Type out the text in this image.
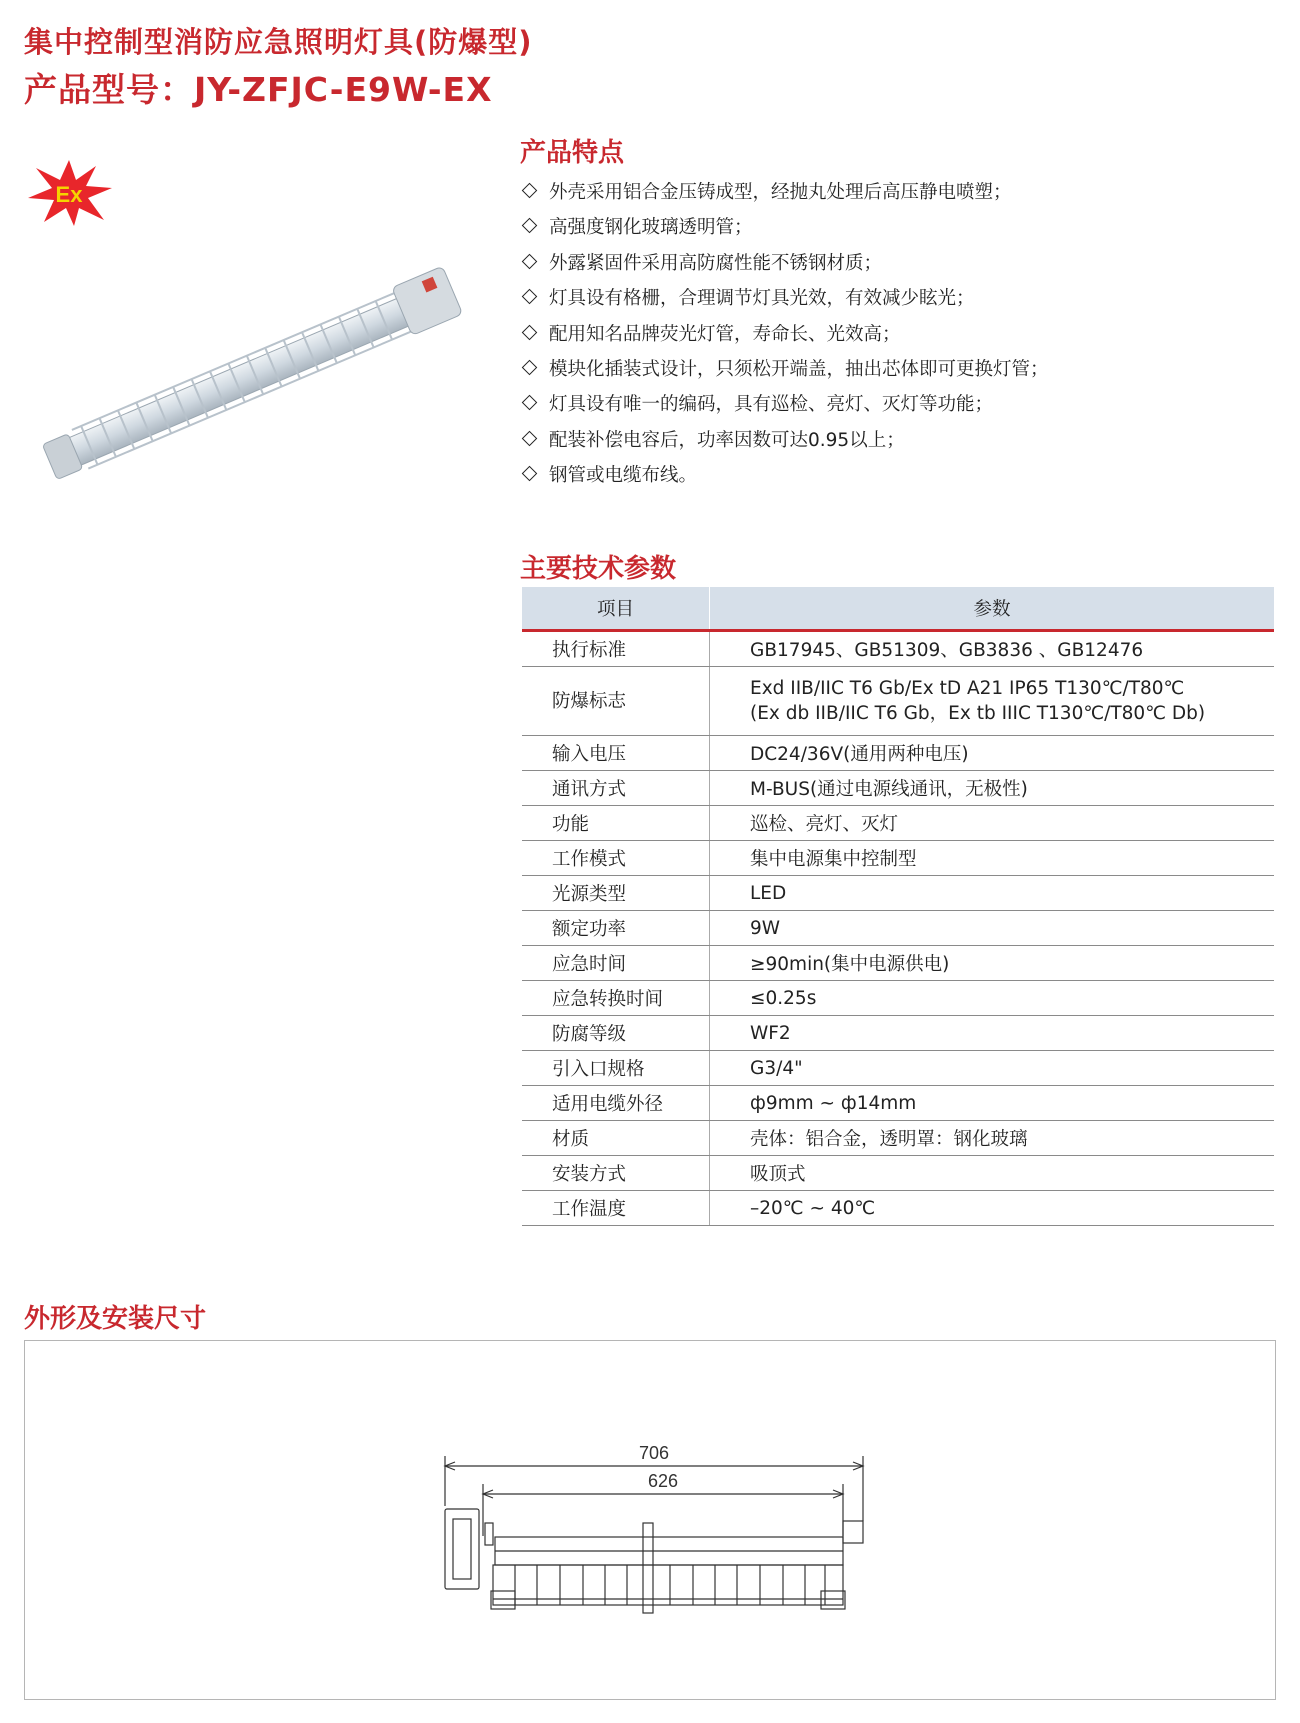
集中控制型消防应急照明灯具(防爆型)
产品型号：JY-ZFJC-E9W-EX
Ex
产品特点
外壳采用铝合金压铸成型，经抛丸处理后高压静电喷塑；
高强度钢化玻璃透明管；
外露紧固件采用高防腐性能不锈钢材质；
灯具设有格栅，合理调节灯具光效，有效减少眩光；
配用知名品牌荧光灯管，寿命长、光效高；
模块化插装式设计，只须松开端盖，抽出芯体即可更换灯管；
灯具设有唯一的编码，具有巡检、亮灯、灭灯等功能；
配装补偿电容后，功率因数可达0.95以上；
钢管或电缆布线。
主要技术参数
项目	参数
执行标准	GB17945、GB51309、GB3836 、GB12476
防爆标志	Exd IIB/IIC T6 Gb/Ex tD A21 IP65 T130℃/T80℃
(Ex db IIB/IIC T6 Gb，Ex tb IIIC T130℃/T80℃ Db)

输入电压	DC24/36V(通用两种电压)
通讯方式	M-BUS(通过电源线通讯，无极性)
功能	巡检、亮灯、灭灯
工作模式	集中电源集中控制型
光源类型	LED
额定功率	9W
应急时间	≥90min(集中电源供电)
应急转换时间	≤0.25s
防腐等级	WF2
引入口规格	G3/4"
适用电缆外径	ф9mm ~ ф14mm
材质	壳体：铝合金，透明罩：钢化玻璃
安装方式	吸顶式
工作温度	–20℃ ~ 40℃
外形及安装尺寸
706
626
